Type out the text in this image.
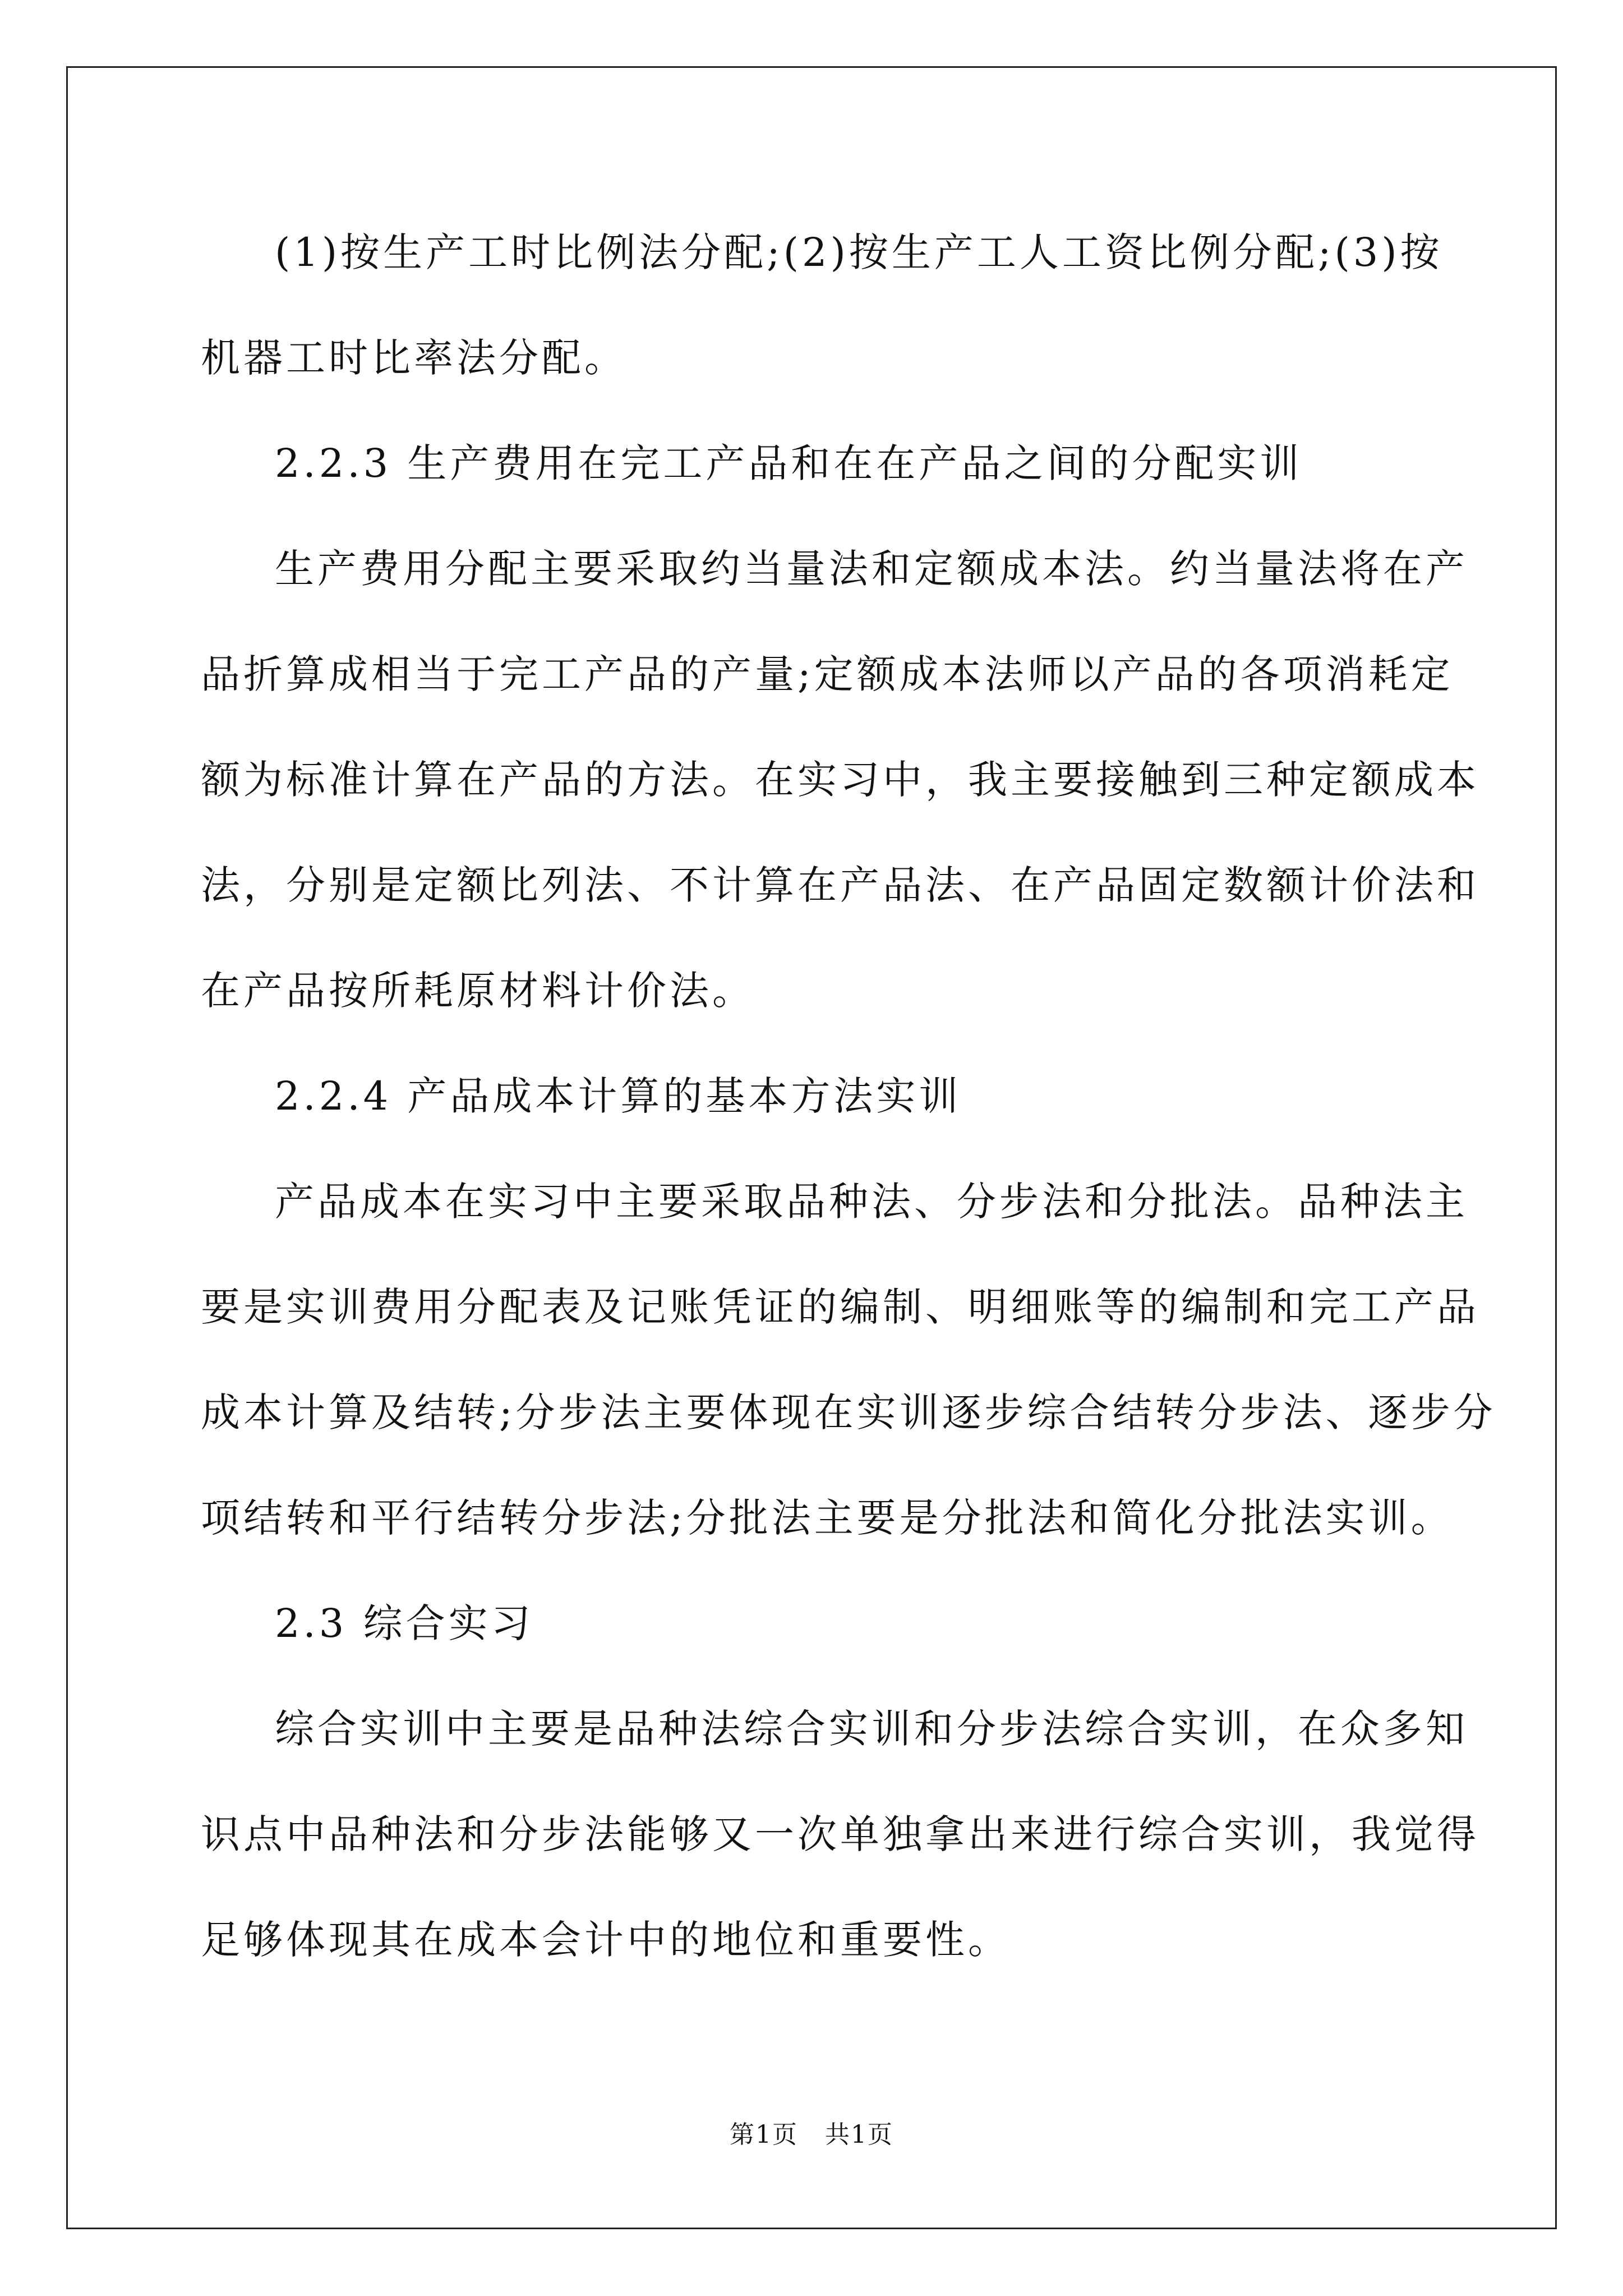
(1)按生产工时比例法分配;(2)按生产工人工资比例分配;(3)按
机器工时比率法分配。
2.2.3 生产费用在完工产品和在在产品之间的分配实训
生产费用分配主要采取约当量法和定额成本法。约当量法将在产
品折算成相当于完工产品的产量;定额成本法师以产品的各项消耗定
额为标准计算在产品的方法。在实习中，我主要接触到三种定额成本
法，分别是定额比列法、不计算在产品法、在产品固定数额计价法和
在产品按所耗原材料计价法。
2.2.4 产品成本计算的基本方法实训
产品成本在实习中主要采取品种法、分步法和分批法。品种法主
要是实训费用分配表及记账凭证的编制、明细账等的编制和完工产品
成本计算及结转;分步法主要体现在实训逐步综合结转分步法、逐步分
项结转和平行结转分步法;分批法主要是分批法和简化分批法实训。
2.3 综合实习
综合实训中主要是品种法综合实训和分步法综合实训，在众多知
识点中品种法和分步法能够又一次单独拿出来进行综合实训，我觉得
足够体现其在成本会计中的地位和重要性。
第1页   共1页
